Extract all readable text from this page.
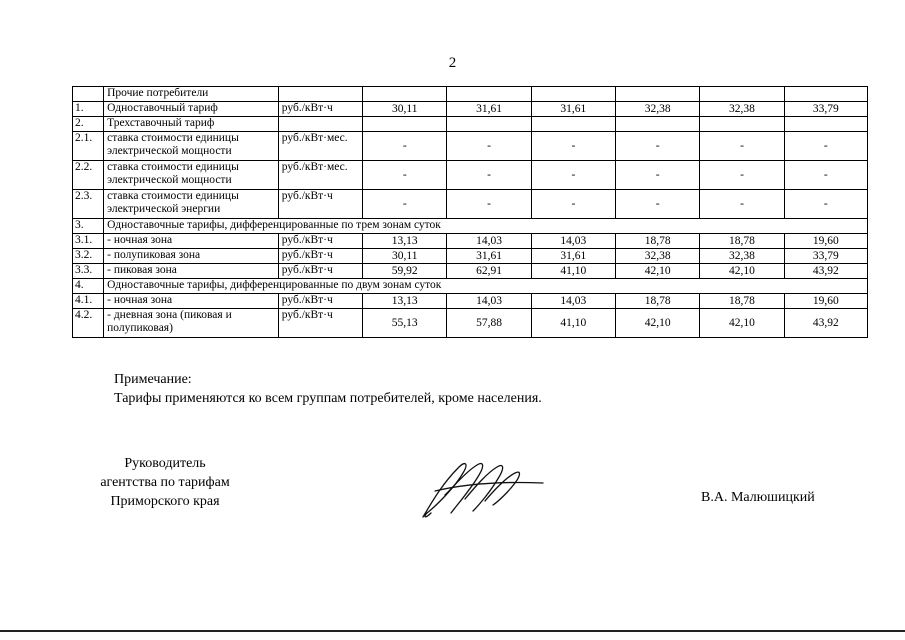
2
	Прочие потребители							
1.	Одноставочный тариф	руб./кВт·ч	30,11	31,61	31,61	32,38	32,38	33,79
2.	Трехставочный тариф							
2.1.	ставка стоимости единицы электрической мощности	руб./кВт·мес.	-	-	-	-	-	-
2.2.	ставка стоимости единицы электрической мощности	руб./кВт·мес.	-	-	-	-	-	-
2.3.	ставка стоимости единицы электрической энергии	руб./кВт·ч	-	-	-	-	-	-
3.	Одноставочные тарифы, дифференцированные по трем зонам суток							
3.1.	- ночная зона	руб./кВт·ч	13,13	14,03	14,03	18,78	18,78	19,60
3.2.	- полупиковая зона	руб./кВт·ч	30,11	31,61	31,61	32,38	32,38	33,79
3.3.	- пиковая зона	руб./кВт·ч	59,92	62,91	41,10	42,10	42,10	43,92
4.	Одноставочные тарифы, дифференцированные по двум зонам суток							
4.1.	- ночная зона	руб./кВт·ч	13,13	14,03	14,03	18,78	18,78	19,60
4.2.	- дневная зона (пиковая и полупиковая)	руб./кВт·ч	55,13	57,88	41,10	42,10	42,10	43,92
Примечание:
Тарифы применяются ко всем группам потребителей, кроме населения.
Руководитель
агентства по тарифам
Приморского края	В.А. Малюшицкий
